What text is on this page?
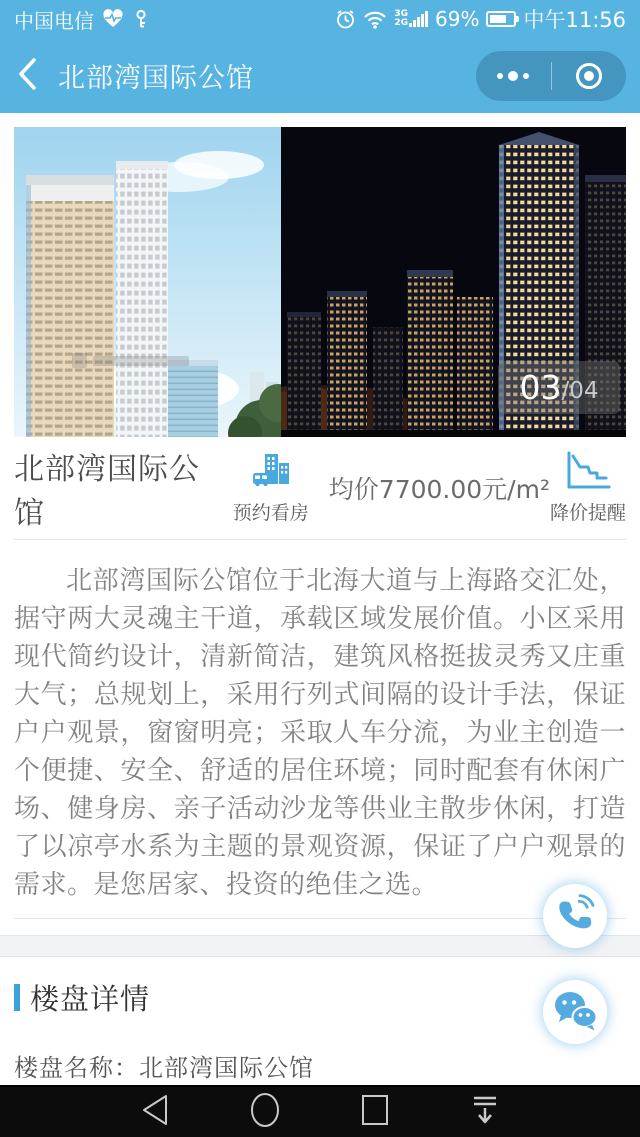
中国电信	3G
2G 69% 中午11:56
北部湾国际公馆
03 /04
北部湾国际公馆	预约看房
均价7700.00元/m²
降价提醒
北部湾国际公馆位于北海大道与上海路交汇处，据守两大灵魂主干道，承载区域发展价值。小区采用现代简约设计，清新简洁，建筑风格挺拔灵秀又庄重大气；总规划上，采用行列式间隔的设计手法，保证户户观景，窗窗明亮；采取人车分流，为业主创造一个便捷、安全、舒适的居住环境；同时配套有休闲广场、健身房、亲子活动沙龙等供业主散步休闲，打造了以凉亭水系为主题的景观资源，保证了户户观景的需求。是您居家、投资的绝佳之选。
楼盘详情
楼盘名称：北部湾国际公馆
